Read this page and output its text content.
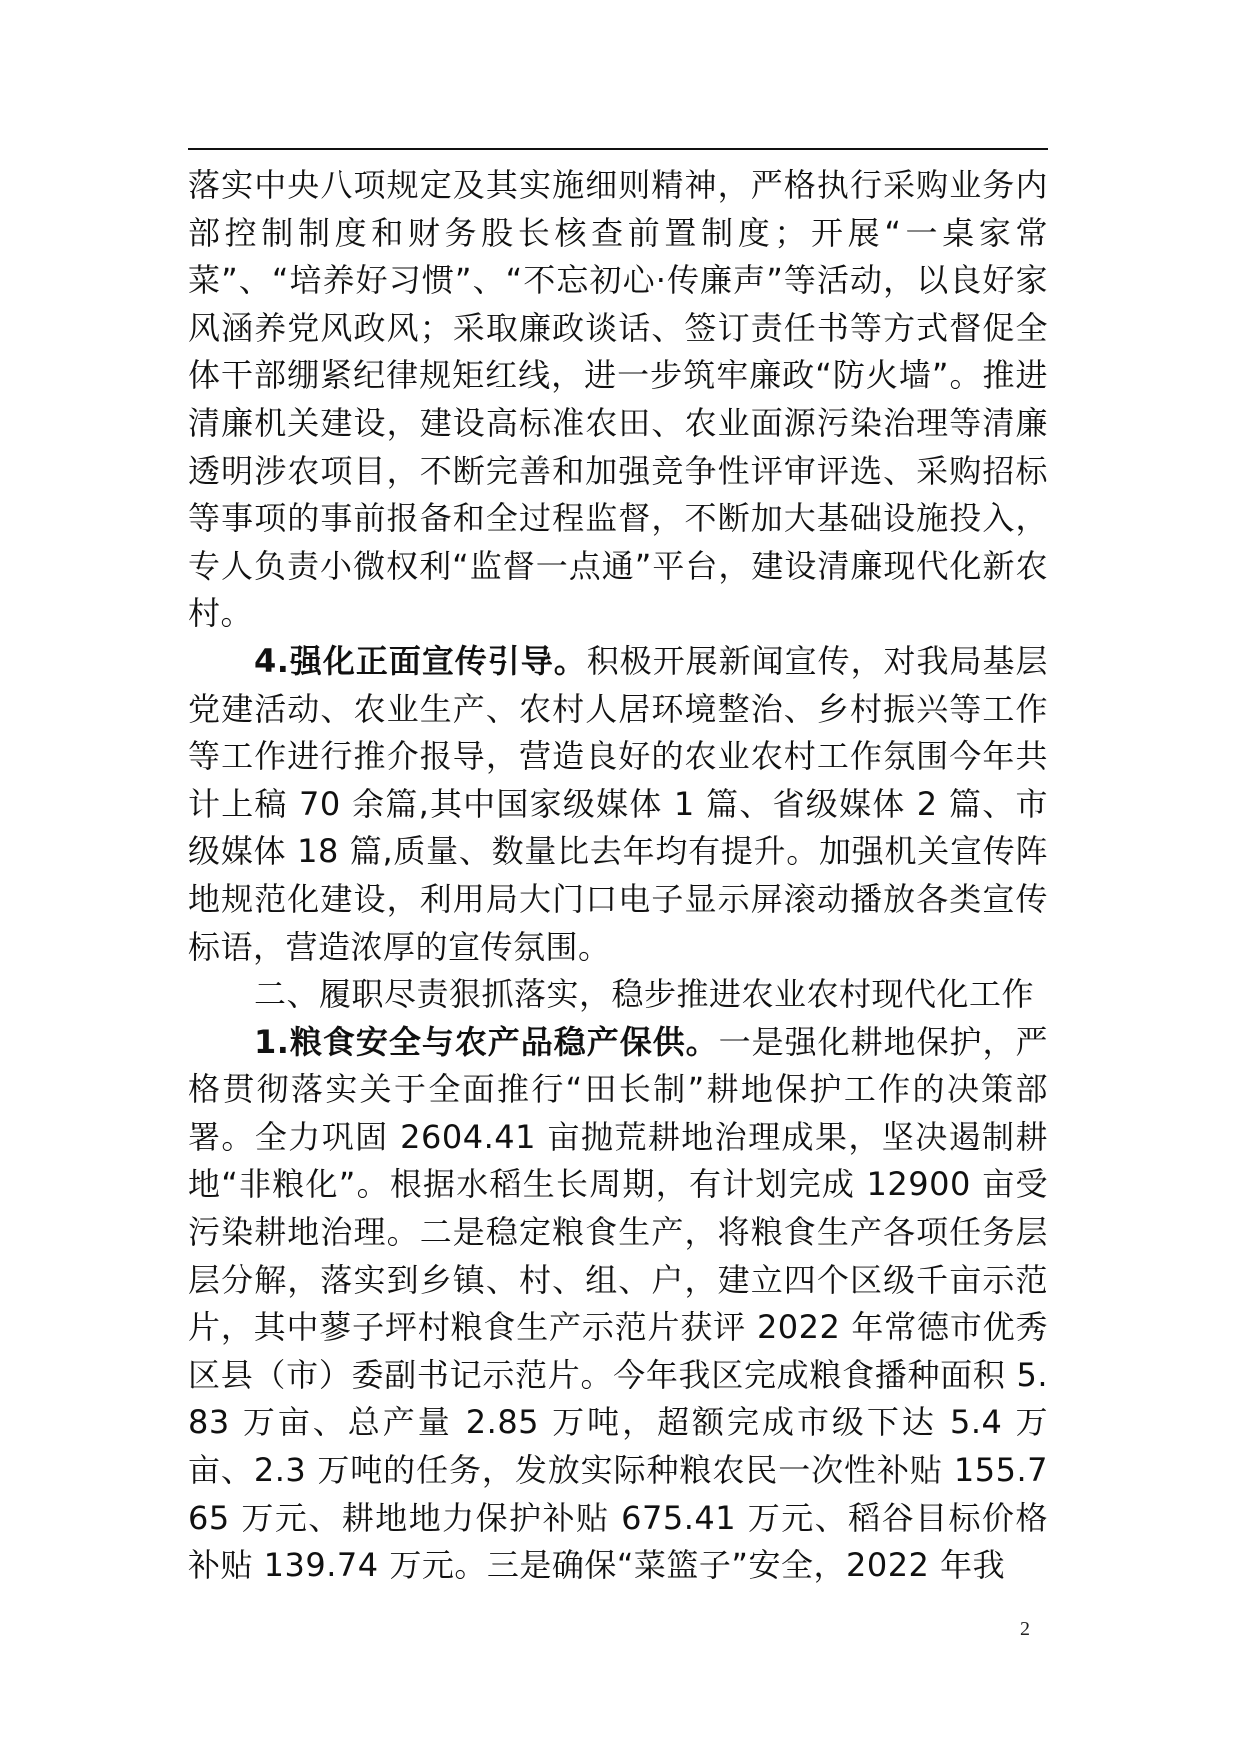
落实中央八项规定及其实施细则精神，严格执行采购业务内部控制制度和财务股长核查前置制度；开展“一桌家常菜”、“培养好习惯”、“不忘初心·传廉声”等活动，以良好家风涵养党风政风；采取廉政谈话、签订责任书等方式督促全体干部绷紧纪律规矩红线，进一步筑牢廉政“防火墙”。推进清廉机关建设，建设高标准农田、农业面源污染治理等清廉透明涉农项目，不断完善和加强竞争性评审评选、采购招标等事项的事前报备和全过程监督，不断加大基础设施投入，专人负责小微权利“监督一点通”平台，建设清廉现代化新农村。

4.强化正面宣传引导。积极开展新闻宣传，对我局基层党建活动、农业生产、农村人居环境整治、乡村振兴等工作等工作进行推介报导，营造良好的农业农村工作氛围今年共计上稿 70 余篇,其中国家级媒体 1 篇、省级媒体 2 篇、市级媒体 18 篇,质量、数量比去年均有提升。加强机关宣传阵地规范化建设，利用局大门口电子显示屏滚动播放各类宣传标语，营造浓厚的宣传氛围。

二、履职尽责狠抓落实，稳步推进农业农村现代化工作

1.粮食安全与农产品稳产保供。一是强化耕地保护，严格贯彻落实关于全面推行“田长制”耕地保护工作的决策部署。全力巩固 2604.41 亩抛荒耕地治理成果，坚决遏制耕地“非粮化”。根据水稻生长周期，有计划完成 12900 亩受污染耕地治理。二是稳定粮食生产，将粮食生产各项任务层层分解，落实到乡镇、村、组、户，建立四个区级千亩示范片，其中蓼子坪村粮食生产示范片获评 2022 年常德市优秀区县（市）委副书记示范片。今年我区完成粮食播种面积 5.83 万亩、总产量 2.85 万吨，超额完成市级下达 5.4 万亩、2.3 万吨的任务，发放实际种粮农民一次性补贴 155.765 万元、耕地地力保护补贴 675.41 万元、稻谷目标价格补贴 139.74 万元。三是确保“菜篮子”安全，2022 年我

2
